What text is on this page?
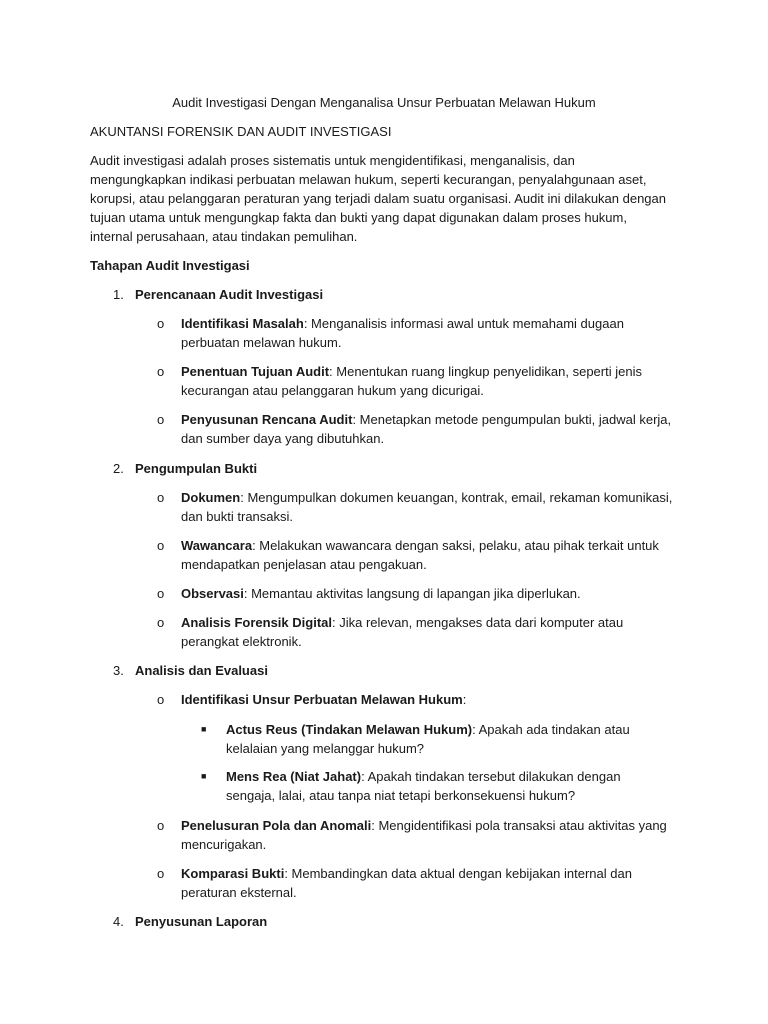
Audit Investigasi Dengan Menganalisa Unsur Perbuatan Melawan Hukum
AKUNTANSI FORENSIK DAN AUDIT INVESTIGASI
Audit investigasi adalah proses sistematis untuk mengidentifikasi, menganalisis, dan mengungkapkan indikasi perbuatan melawan hukum, seperti kecurangan, penyalahgunaan aset, korupsi, atau pelanggaran peraturan yang terjadi dalam suatu organisasi. Audit ini dilakukan dengan tujuan utama untuk mengungkap fakta dan bukti yang dapat digunakan dalam proses hukum, internal perusahaan, atau tindakan pemulihan.
Tahapan Audit Investigasi
1. Perencanaan Audit Investigasi
o	Identifikasi Masalah: Menganalisis informasi awal untuk memahami dugaan perbuatan melawan hukum.
o	Penentuan Tujuan Audit: Menentukan ruang lingkup penyelidikan, seperti jenis kecurangan atau pelanggaran hukum yang dicurigai.
o	Penyusunan Rencana Audit: Menetapkan metode pengumpulan bukti, jadwal kerja, dan sumber daya yang dibutuhkan.
2. Pengumpulan Bukti
o	Dokumen: Mengumpulkan dokumen keuangan, kontrak, email, rekaman komunikasi, dan bukti transaksi.
o	Wawancara: Melakukan wawancara dengan saksi, pelaku, atau pihak terkait untuk mendapatkan penjelasan atau pengakuan.
o	Observasi: Memantau aktivitas langsung di lapangan jika diperlukan.
o	Analisis Forensik Digital: Jika relevan, mengakses data dari komputer atau perangkat elektronik.
3. Analisis dan Evaluasi
o	Identifikasi Unsur Perbuatan Melawan Hukum:
■ Actus Reus (Tindakan Melawan Hukum): Apakah ada tindakan atau kelalaian yang melanggar hukum?
■ Mens Rea (Niat Jahat): Apakah tindakan tersebut dilakukan dengan sengaja, lalai, atau tanpa niat tetapi berkonsekuensi hukum?
o	Penelusuran Pola dan Anomali: Mengidentifikasi pola transaksi atau aktivitas yang mencurigakan.
o	Komparasi Bukti: Membandingkan data aktual dengan kebijakan internal dan peraturan eksternal.
4. Penyusunan Laporan
